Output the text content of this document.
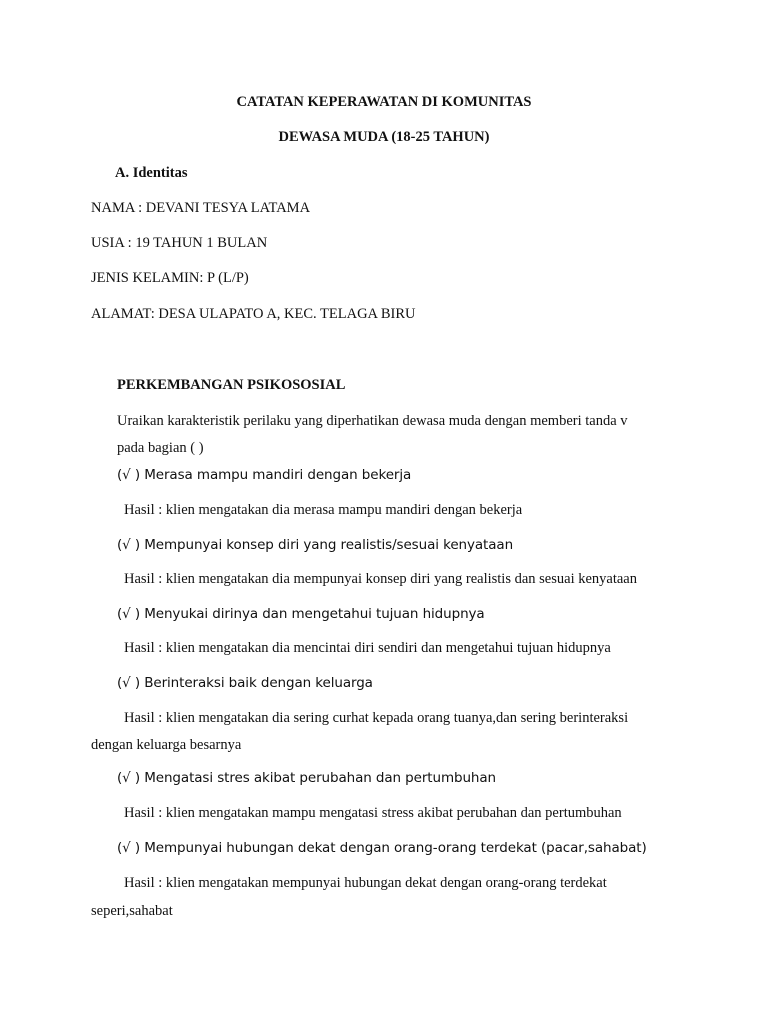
CATATAN KEPERAWATAN DI KOMUNITAS
DEWASA MUDA (18-25 TAHUN)
A. Identitas
NAMA : DEVANI TESYA LATAMA
USIA : 19 TAHUN 1 BULAN
JENIS KELAMIN: P (L/P)
ALAMAT: DESA ULAPATO A, KEC. TELAGA BIRU
PERKEMBANGAN PSIKOSOSIAL
Uraikan karakteristik perilaku yang diperhatikan dewasa muda dengan memberi tanda v
pada bagian ( )
(√ ) Merasa mampu mandiri dengan bekerja
Hasil : klien mengatakan dia merasa mampu mandiri dengan bekerja
(√ ) Mempunyai konsep diri yang realistis/sesuai kenyataan
Hasil : klien mengatakan dia mempunyai konsep diri yang realistis dan sesuai kenyataan
(√ ) Menyukai dirinya dan mengetahui tujuan hidupnya
Hasil : klien mengatakan dia mencintai diri sendiri dan mengetahui tujuan hidupnya
(√ ) Berinteraksi baik dengan keluarga
Hasil : klien mengatakan dia sering curhat kepada orang tuanya,dan sering berinteraksi
dengan keluarga besarnya
(√ ) Mengatasi stres akibat perubahan dan pertumbuhan
Hasil : klien mengatakan mampu mengatasi stress akibat perubahan dan pertumbuhan
(√ ) Mempunyai hubungan dekat dengan orang-orang terdekat (pacar,sahabat)
Hasil : klien mengatakan mempunyai hubungan dekat dengan orang-orang terdekat
seperi,sahabat
